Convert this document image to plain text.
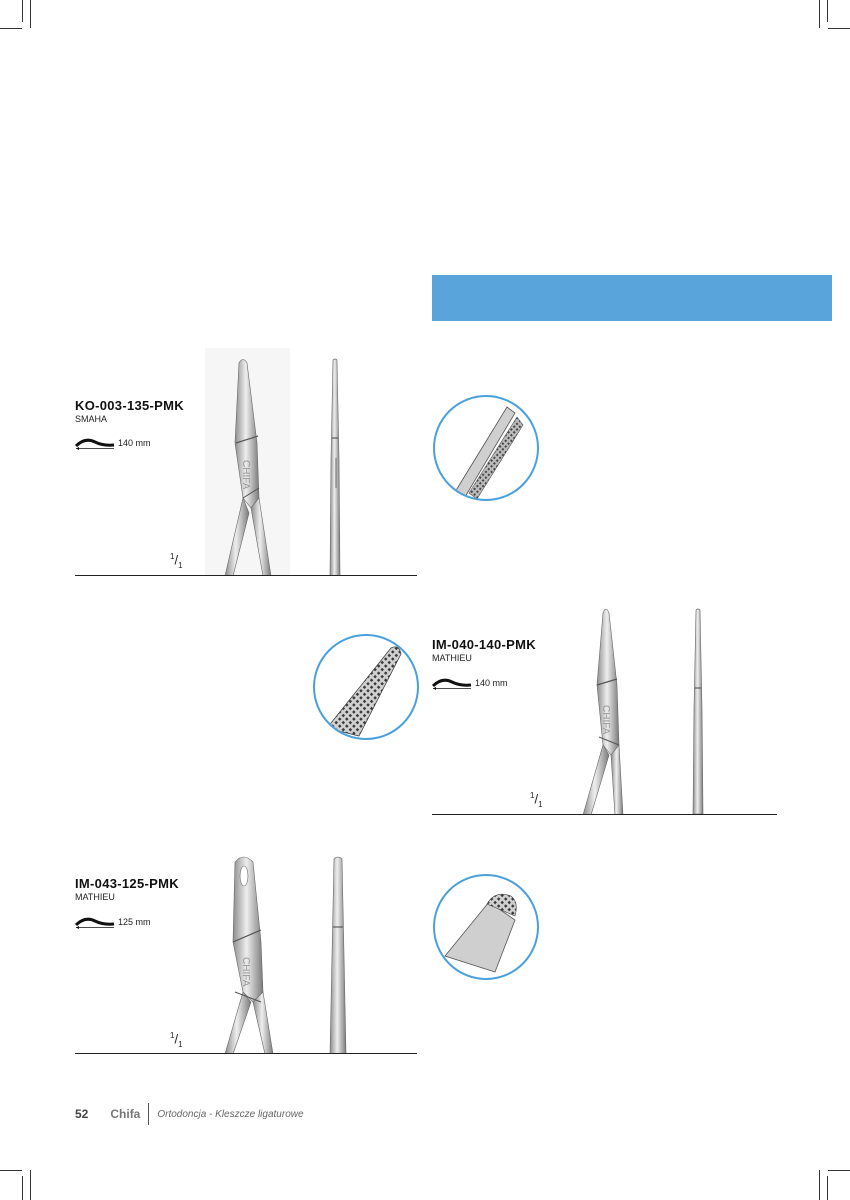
KO-003-135-PMK
SMAHA
140 mm
$^1/_1$
CHIFA
IM-040-140-PMK
MATHIEU
140 mm
$^1/_1$
CHIFA
IM-043-125-PMK
MATHIEU
125 mm
$^1/_1$
CHIFA
52 Chifa Ortodoncja - Kleszcze ligaturowe
